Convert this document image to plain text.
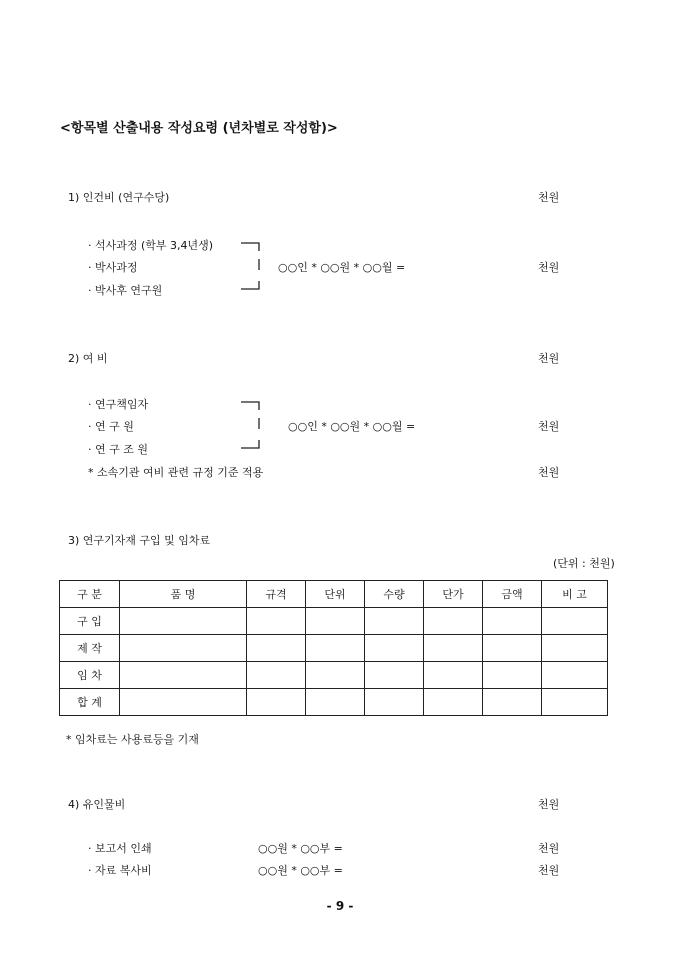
<항목별 산출내용 작성요령 (년차별로 작성함)>
1) 인건비 (연구수당)	천원
· 석사과정 (학부 3,4년생)
· 박사과정
· 박사후 연구원
○○인 * ○○원 * ○○월 =	천원
2) 여 비	천원
· 연구책임자
· 연 구 원
· 연 구 조 원
○○인 * ○○원 * ○○월 =	천원
* 소속기관 여비 관련 규정 기준 적용	천원
3) 연구기자재 구입 및 임차료
(단위 : 천원)
구 분	품 명	규격	단위	수량	단가	금액	비 고
구 입							
제 작							
임 차							
합 계							
* 임차료는 사용료등을 기재
4) 유인물비	천원
· 보고서 인쇄	○○원 * ○○부 =	천원
· 자료 복사비	○○원 * ○○부 =	천원
- 9 -
